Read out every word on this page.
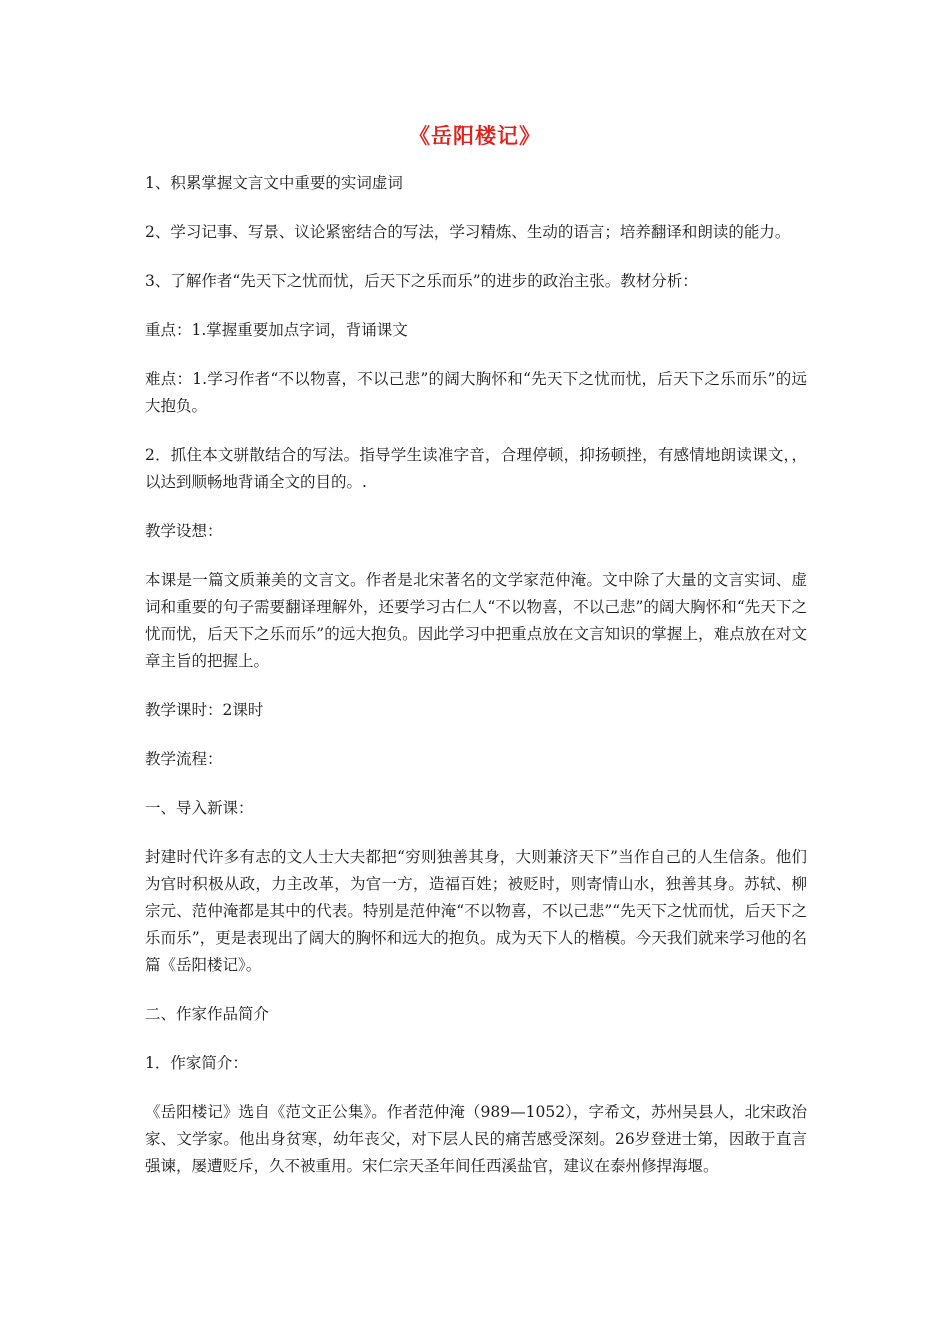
《岳阳楼记》

1、积累掌握文言文中重要的实词虚词

2、学习记事、写景、议论紧密结合的写法，学习精炼、生动的语言；培养翻译和朗读的能力。

3、了解作者“先天下之忧而忧，后天下之乐而乐”的进步的政治主张。教材分析：

重点：1.掌握重要加点字词，背诵课文

难点：1.学习作者“不以物喜，不以己悲”的阔大胸怀和“先天下之忧而忧，后天下之乐而乐”的远大抱负。

2．抓住本文骈散结合的写法。指导学生读准字音，合理停顿，抑扬顿挫，有感情地朗读课文，，以达到顺畅地背诵全文的目的。.

教学设想：

本课是一篇文质兼美的文言文。作者是北宋著名的文学家范仲淹。文中除了大量的文言实词、虚词和重要的句子需要翻译理解外，还要学习古仁人“不以物喜，不以己悲”的阔大胸怀和“先天下之忧而忧，后天下之乐而乐”的远大抱负。因此学习中把重点放在文言知识的掌握上，难点放在对文章主旨的把握上。

教学课时：2课时

教学流程：

一、导入新课：

封建时代许多有志的文人士大夫都把“穷则独善其身，大则兼济天下”当作自己的人生信条。他们为官时积极从政，力主改革，为官一方，造福百姓；被贬时，则寄情山水，独善其身。苏轼、柳宗元、范仲淹都是其中的代表。特别是范仲淹“不以物喜，不以己悲”“先天下之忧而忧，后天下之乐而乐”，更是表现出了阔大的胸怀和远大的抱负。成为天下人的楷模。今天我们就来学习他的名篇《岳阳楼记》。

二、作家作品简介

1．作家简介：

《岳阳楼记》选自《范文正公集》。作者范仲淹（989—1052），字希文，苏州吴县人，北宋政治家、文学家。他出身贫寒，幼年丧父，对下层人民的痛苦感受深刻。26岁登进士第，因敢于直言强谏，屡遭贬斥，久不被重用。宋仁宗天圣年间任西溪盐官，建议在泰州修捍海堰。
